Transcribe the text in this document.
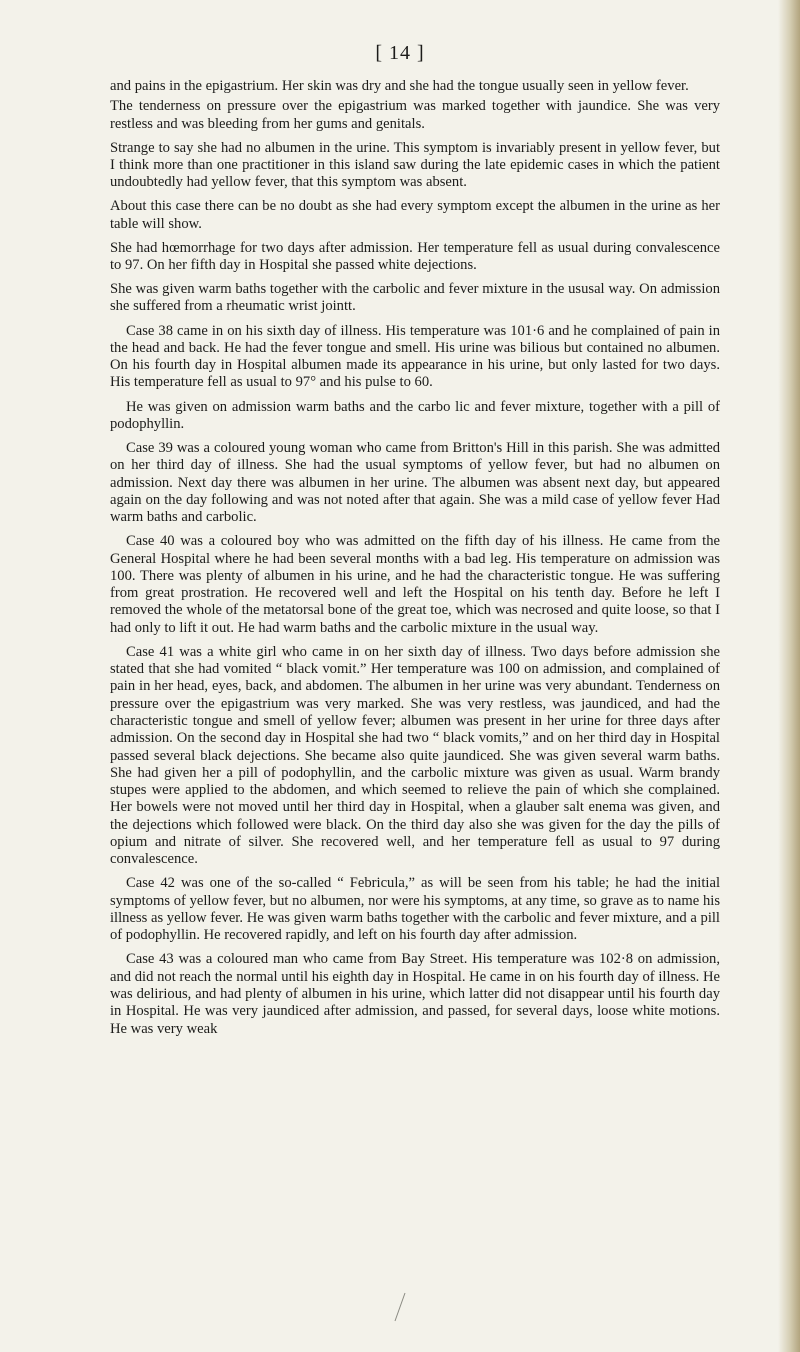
[ 14 ]

and pains in the epigastrium. Her skin was dry and she had the tongue usually seen in yellow fever.

The tenderness on pressure over the epigastrium was marked together with jaundice. She was very restless and was bleeding from her gums and genitals.

Strange to say she had no albumen in the urine. This symptom is invariably present in yellow fever, but I think more than one practitioner in this island saw during the late epidemic cases in which the patient undoubtedly had yellow fever, that this symptom was absent.

About this case there can be no doubt as she had every symptom except the albumen in the urine as her table will show.

She had hœmorrhage for two days after admission. Her temperature fell as usual during convalescence to 97. On her fifth day in Hospital she passed white dejections.

She was given warm baths together with the carbolic and fever mixture in the ususal way. On admission she suffered from a rheumatic wrist jointt.

Case 38 came in on his sixth day of illness. His temperature was 101·6 and he complained of pain in the head and back. He had the fever tongue and smell. His urine was bilious but contained no albumen. On his fourth day in Hospital albumen made its appearance in his urine, but only lasted for two days. His temperature fell as usual to 97° and his pulse to 60.

He was given on admission warm baths and the carbo lic and fever mixture, together with a pill of podophyllin.

Case 39 was a coloured young woman who came from Britton's Hill in this parish. She was admitted on her third day of illness. She had the usual symptoms of yellow fever, but had no albumen on admission. Next day there was albumen in her urine. The albumen was absent next day, but appeared again on the day following and was not noted after that again. She was a mild case of yellow fever Had warm baths and carbolic.

Case 40 was a coloured boy who was admitted on the fifth day of his illness. He came from the General Hospital where he had been several months with a bad leg. His temperature on admission was 100. There was plenty of albumen in his urine, and he had the characteristic tongue. He was suffering from great prostration. He recovered well and left the Hospital on his tenth day. Before he left I removed the whole of the metatorsal bone of the great toe, which was necrosed and quite loose, so that I had only to lift it out. He had warm baths and the carbolic mixture in the usual way.

Case 41 was a white girl who came in on her sixth day of illness. Two days before admission she stated that she had vomited “ black vomit.” Her temperature was 100 on admission, and complained of pain in her head, eyes, back, and abdomen. The albumen in her urine was very abundant. Tenderness on pressure over the epigastrium was very marked. She was very restless, was jaundiced, and had the characteristic tongue and smell of yellow fever; albumen was present in her urine for three days after admission. On the second day in Hospital she had two “ black vomits,” and on her third day in Hospital passed several black dejections. She became also quite jaundiced. She was given several warm baths. She had given her a pill of podophyllin, and the carbolic mixture was given as usual. Warm brandy stupes were applied to the abdomen, and which seemed to relieve the pain of which she complained. Her bowels were not moved until her third day in Hospital, when a glauber salt enema was given, and the dejections which followed were black. On the third day also she was given for the day the pills of opium and nitrate of silver. She recovered well, and her temperature fell as usual to 97 during convalescence.

Case 42 was one of the so-called “ Febricula,” as will be seen from his table; he had the initial symptoms of yellow fever, but no albumen, nor were his symptoms, at any time, so grave as to name his illness as yellow fever. He was given warm baths together with the carbolic and fever mixture, and a pill of podophyllin. He recovered rapidly, and left on his fourth day after admission.

Case 43 was a coloured man who came from Bay Street. His temperature was 102·8 on admission, and did not reach the normal until his eighth day in Hospital. He came in on his fourth day of illness. He was delirious, and had plenty of albumen in his urine, which latter did not disappear until his fourth day in Hospital. He was very jaundiced after admission, and passed, for several days, loose white motions. He was very weak
